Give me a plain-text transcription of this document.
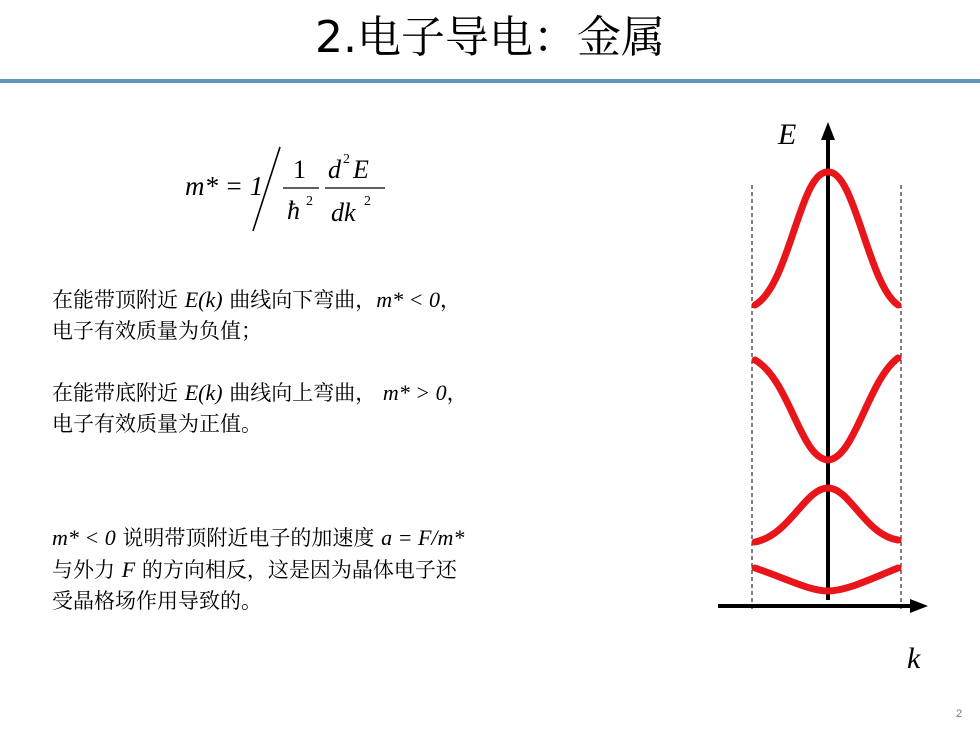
2.电子导电：金属
m* = 1
1
ħ 2
d 2 E
dk 2
在能带顶附近 E(k) 曲线向下弯曲，m* < 0，
电子有效质量为负值；
在能带底附近 E(k) 曲线向上弯曲， m* > 0，
电子有效质量为正值。
m* < 0 说明带顶附近电子的加速度 a = F/m*
与外力 F 的方向相反，这是因为晶体电子还
受晶格场作用导致的。
E
k
2
